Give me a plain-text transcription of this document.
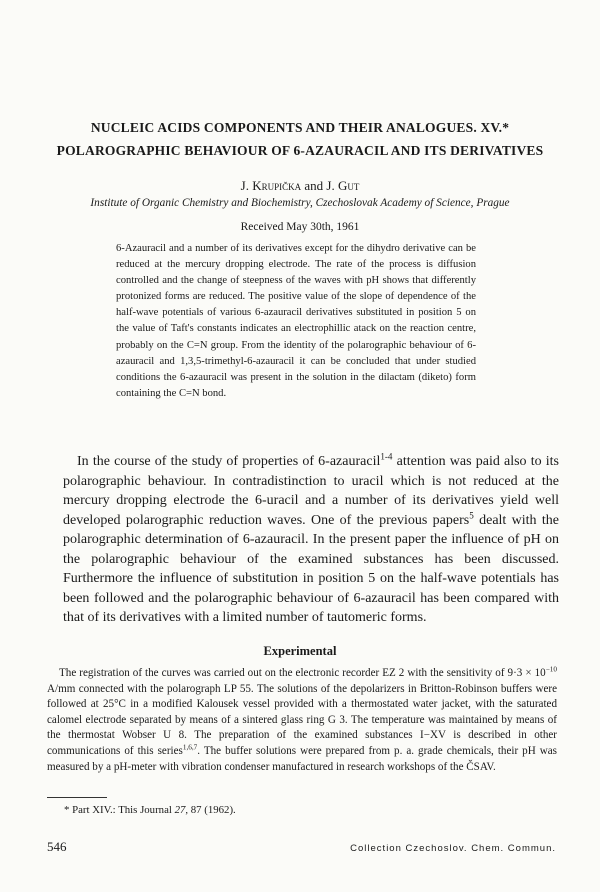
NUCLEIC ACIDS COMPONENTS AND THEIR ANALOGUES. XV.*
POLAROGRAPHIC BEHAVIOUR OF 6-AZAURACIL AND ITS DERIVATIVES
J. Krupička and J. Gut
Institute of Organic Chemistry and Biochemistry, Czechoslovak Academy of Science, Prague
Received May 30th, 1961

6-Azauracil and a number of its derivatives except for the dihydro derivative can be reduced at the mercury dropping electrode. The rate of the process is diffusion controlled and the change of steepness of the waves with pH shows that differently protonized forms are reduced. The positive value of the slope of dependence of the half-wave potentials of various 6-azauracil derivatives substituted in position 5 on the value of Taft's constants indicates an electrophillic atack on the reaction centre, probably on the C=N group. From the identity of the polarographic behaviour of 6-azauracil and 1,3,5-trimethyl-6-azauracil it can be concluded that under studied conditions the 6-azauracil was present in the solution in the dilactam (diketo) form containing the C=N bond.

In the course of the study of properties of 6-azauracil$^{1-4}$ attention was paid also to its polarographic behaviour. In contradistinction to uracil which is not reduced at the mercury dropping electrode the 6-uracil and a number of its derivatives yield well developed polarographic reduction waves. One of the previous papers$^5$ dealt with the polarographic determination of 6-azauracil. In the present paper the influence of pH on the polarographic behaviour of the examined substances has been discussed. Furthermore the influence of substitution in position 5 on the half-wave potentials has been followed and the polarographic behaviour of 6-azauracil has been compared with that of its derivatives with a limited number of tautomeric forms.

Experimental

The registration of the curves was carried out on the electronic recorder EZ 2 with the sensitivity of $9\cdot 3 \times 10^{-10}$ A/mm connected with the polarograph LP 55. The solutions of the depolarizers in Britton-Robinson buffers were followed at 25°C in a modified Kalousek vessel provided with a thermostated water jacket, with the saturated calomel electrode separated by means of a sintered glass ring G 3. The temperature was maintained by means of the thermostat Wobser U 8. The preparation of the examined substances I−XV is described in other communications of this series$^{1,6,7}$. The buffer solutions were prepared from p. a. grade chemicals, their pH was measured by a pH-meter with vibration condenser manufactured in research workshops of the ČSAV.

* Part XIV.: This Journal 27, 87 (1962).
546	Collection Czechoslov. Chem. Commun.
